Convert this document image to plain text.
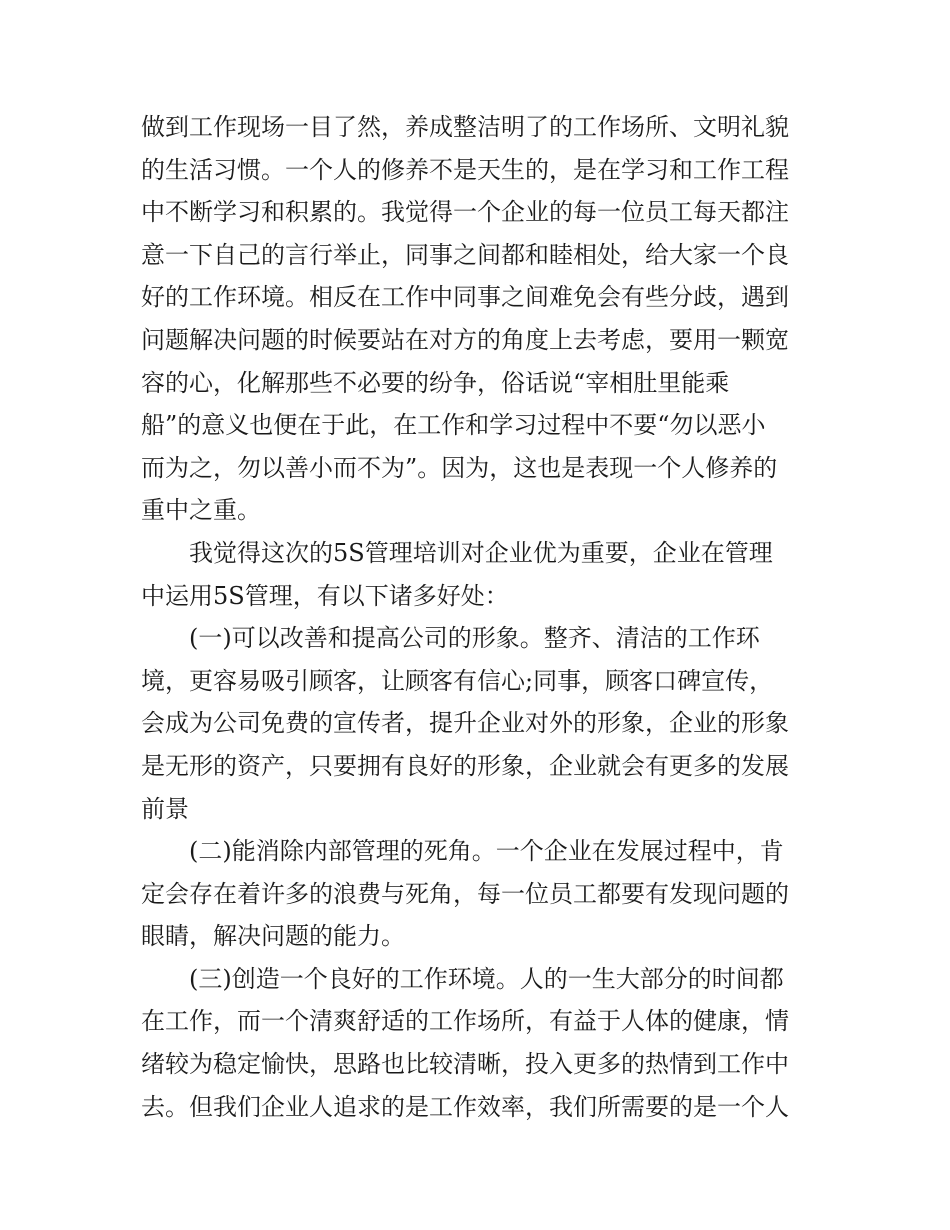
做到工作现场一目了然，养成整洁明了的工作场所、文明礼貌
的生活习惯。一个人的修养不是天生的，是在学习和工作工程
中不断学习和积累的。我觉得一个企业的每一位员工每天都注
意一下自己的言行举止，同事之间都和睦相处，给大家一个良
好的工作环境。相反在工作中同事之间难免会有些分歧，遇到
问题解决问题的时候要站在对方的角度上去考虑，要用一颗宽
容的心，化解那些不必要的纷争，俗话说“宰相肚里能乘
船”的意义也便在于此，在工作和学习过程中不要“勿以恶小
而为之，勿以善小而不为”。因为，这也是表现一个人修养的
重中之重。
我觉得这次的5S管理培训对企业优为重要，企业在管理
中运用5S管理，有以下诸多好处：
(一)可以改善和提高公司的形象。整齐、清洁的工作环
境，更容易吸引顾客，让顾客有信心;同事，顾客口碑宣传，
会成为公司免费的宣传者，提升企业对外的形象，企业的形象
是无形的资产，只要拥有良好的形象，企业就会有更多的发展
前景
(二)能消除内部管理的死角。一个企业在发展过程中，肯
定会存在着许多的浪费与死角，每一位员工都要有发现问题的
眼睛，解决问题的能力。
(三)创造一个良好的工作环境。人的一生大部分的时间都
在工作，而一个清爽舒适的工作场所，有益于人体的健康，情
绪较为稳定愉快，思路也比较清晰，投入更多的热情到工作中
去。但我们企业人追求的是工作效率，我们所需要的是一个人
